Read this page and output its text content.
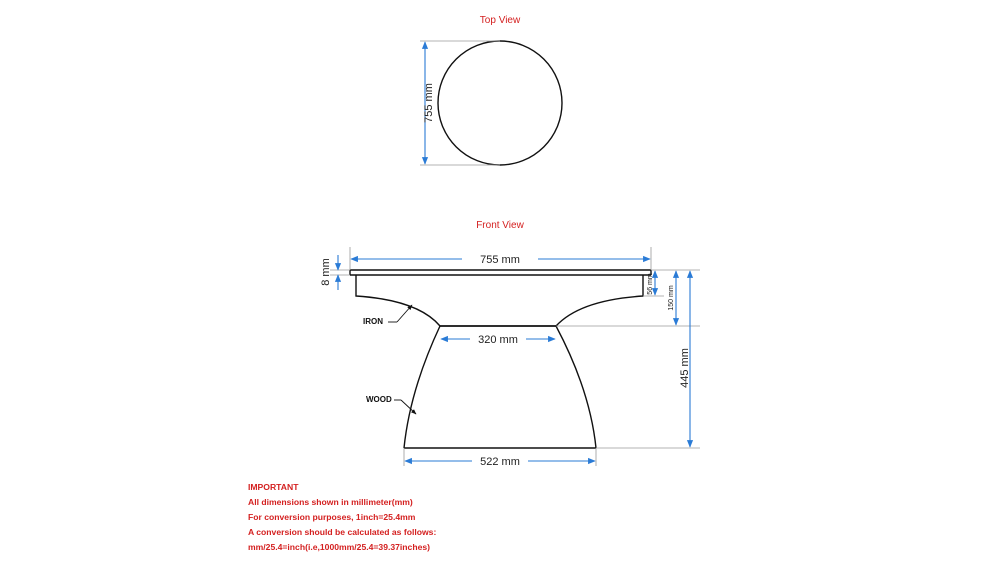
Top View
755 mm
Front View
755 mm
8 mm	56 mm
150 mm
445 mm
320 mm
522 mm
IRON
WOOD
IMPORTANT
All dimensions shown in millimeter(mm)
For conversion purposes, 1inch=25.4mm
A conversion should be calculated as follows:
mm/25.4=inch(i.e,1000mm/25.4=39.37inches)
